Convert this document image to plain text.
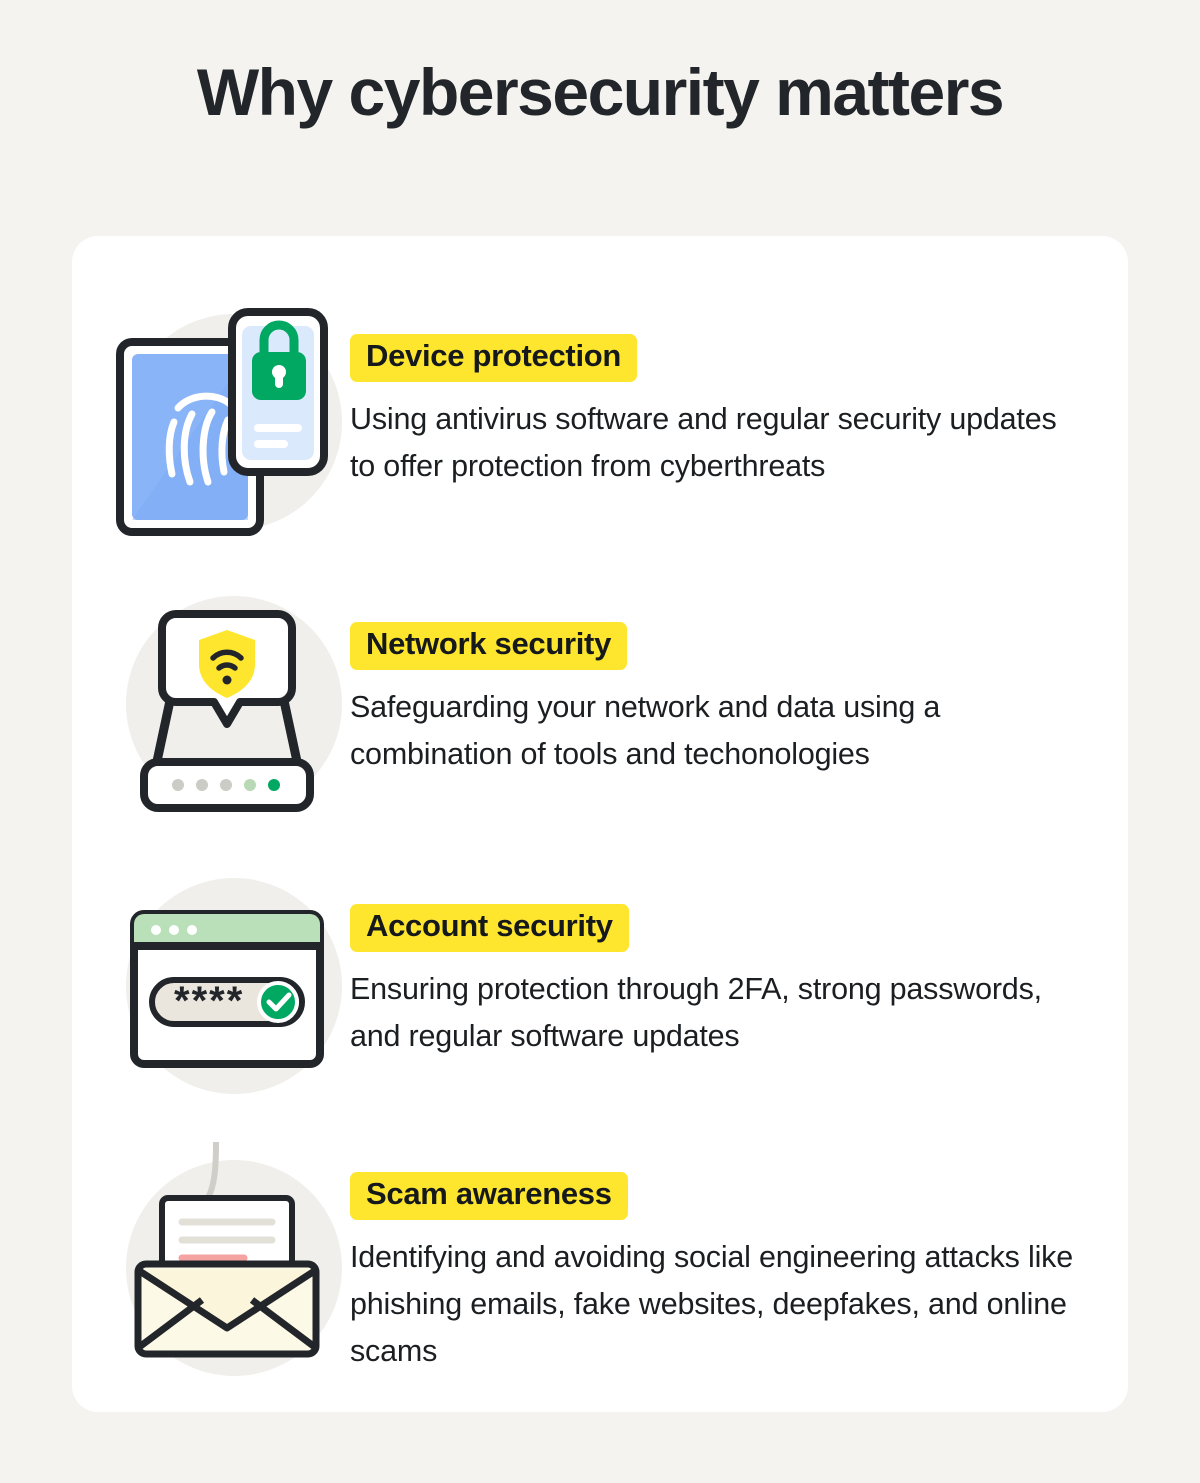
Why cybersecurity matters
Device protection
Using antivirus software and regular security updates to offer protection from cyberthreats
Network security
Safeguarding your network and data using a combination of tools and techonologies
****
Account security
Ensuring protection through 2FA, strong passwords, and regular software updates
Scam awareness
Identifying and avoiding social engineering attacks like phishing emails, fake websites, deepfakes, and online scams
